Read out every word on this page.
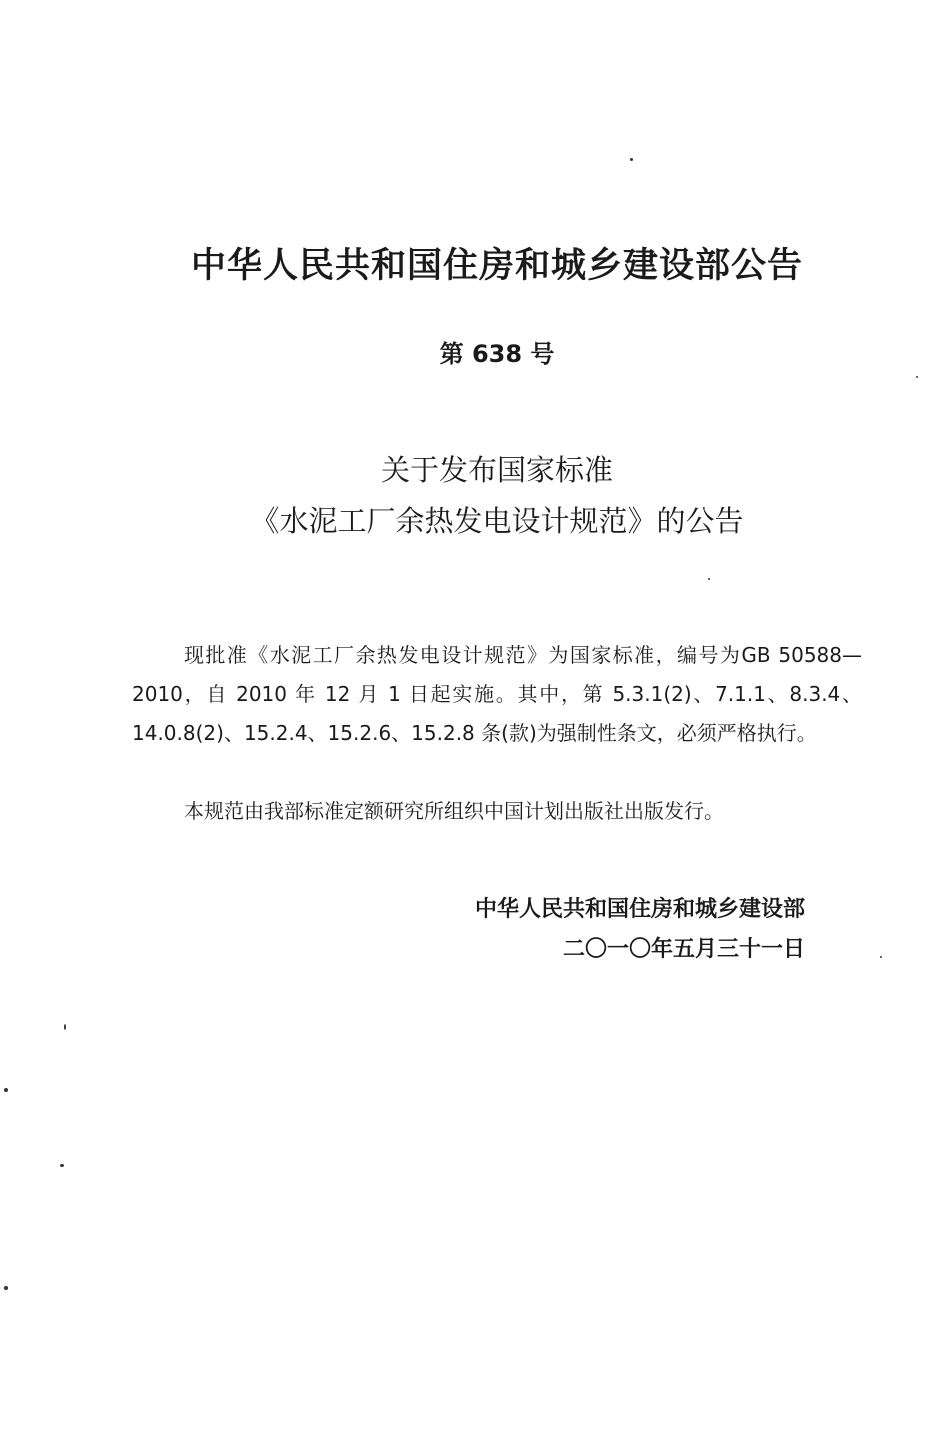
中华人民共和国住房和城乡建设部公告
第 638 号
关于发布国家标准
《水泥工厂余热发电设计规范》的公告

现批准《水泥工厂余热发电设计规范》为国家标准，编号为GB 50588—2010，自 2010 年 12 月 1 日起实施。其中，第 5.3.1(2)、7.1.1、8.3.4、14.0.8(2)、15.2.4、15.2.6、15.2.8 条(款)为强制性条文，必须严格执行。

本规范由我部标准定额研究所组织中国计划出版社出版发行。

中华人民共和国住房和城乡建设部
二〇一〇年五月三十一日
